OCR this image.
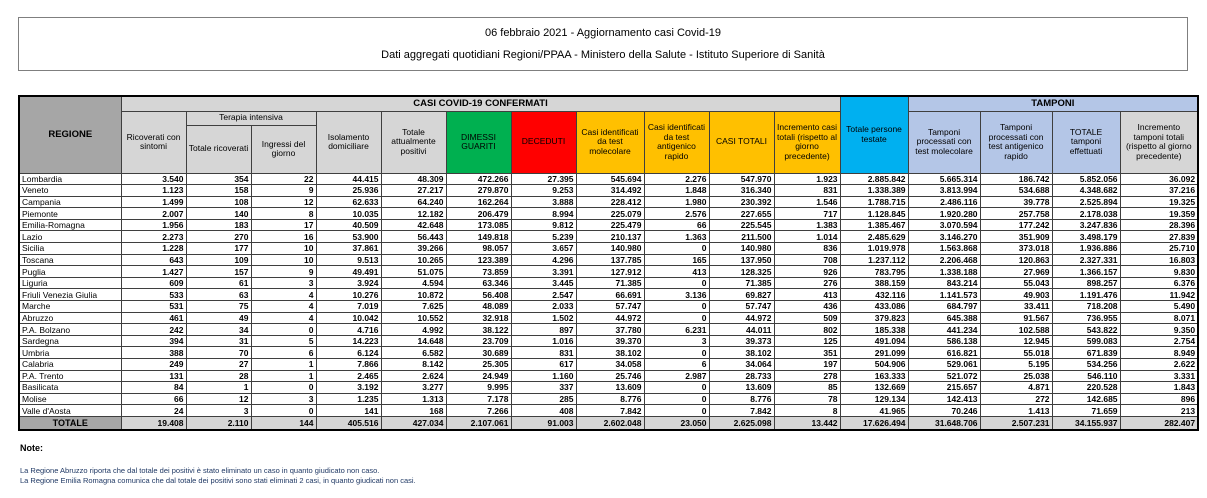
06 febbraio 2021 - Aggiornamento casi Covid-19
Dati aggregati quotidiani Regioni/PPAA - Ministero della Salute - Istituto Superiore di Sanità
REGIONE	CASI COVID-19 CONFERMATI											Totale persone testate	TAMPONI			
	Ricoverati con sintomi	Terapia intensiva		Isolamento domiciliare	Totale attualmente positivi	DIMESSI GUARITI	DECEDUTI	Casi identificati da test molecolare	Casi identificati da test antigenico rapido	CASI TOTALI	Incremento casi totali (rispetto al giorno precedente)		Tamponi processati con test molecolare	Tamponi processati con test antigenico rapido	TOTALE tamponi effettuati	Incremento tamponi totali (rispetto al giorno precedente)
		Totale ricoverati	Ingressi del giorno													
Lombardia	3.540	354	22	44.415	48.309	472.266	27.395	545.694	2.276	547.970	1.923	2.885.842	5.665.314	186.742	5.852.056	36.092
Veneto	1.123	158	9	25.936	27.217	279.870	9.253	314.492	1.848	316.340	831	1.338.389	3.813.994	534.688	4.348.682	37.216
Campania	1.499	108	12	62.633	64.240	162.264	3.888	228.412	1.980	230.392	1.546	1.788.715	2.486.116	39.778	2.525.894	19.325
Piemonte	2.007	140	8	10.035	12.182	206.479	8.994	225.079	2.576	227.655	717	1.128.845	1.920.280	257.758	2.178.038	19.359
Emilia-Romagna	1.956	183	17	40.509	42.648	173.085	9.812	225.479	66	225.545	1.383	1.385.467	3.070.594	177.242	3.247.836	28.396
Lazio	2.273	270	16	53.900	56.443	149.818	5.239	210.137	1.363	211.500	1.014	2.485.629	3.146.270	351.909	3.498.179	27.839
Sicilia	1.228	177	10	37.861	39.266	98.057	3.657	140.980	0	140.980	836	1.019.978	1.563.868	373.018	1.936.886	25.710
Toscana	643	109	10	9.513	10.265	123.389	4.296	137.785	165	137.950	708	1.237.112	2.206.468	120.863	2.327.331	16.803
Puglia	1.427	157	9	49.491	51.075	73.859	3.391	127.912	413	128.325	926	783.795	1.338.188	27.969	1.366.157	9.830
Liguria	609	61	3	3.924	4.594	63.346	3.445	71.385	0	71.385	276	388.159	843.214	55.043	898.257	6.376
Friuli Venezia Giulia	533	63	4	10.276	10.872	56.408	2.547	66.691	3.136	69.827	413	432.116	1.141.573	49.903	1.191.476	11.942
Marche	531	75	4	7.019	7.625	48.089	2.033	57.747	0	57.747	436	433.086	684.797	33.411	718.208	5.490
Abruzzo	461	49	4	10.042	10.552	32.918	1.502	44.972	0	44.972	509	379.823	645.388	91.567	736.955	8.071
P.A. Bolzano	242	34	0	4.716	4.992	38.122	897	37.780	6.231	44.011	802	185.338	441.234	102.588	543.822	9.350
Sardegna	394	31	5	14.223	14.648	23.709	1.016	39.370	3	39.373	125	491.094	586.138	12.945	599.083	2.754
Umbria	388	70	6	6.124	6.582	30.689	831	38.102	0	38.102	351	291.099	616.821	55.018	671.839	8.949
Calabria	249	27	1	7.866	8.142	25.305	617	34.058	6	34.064	197	504.906	529.061	5.195	534.256	2.622
P.A. Trento	131	28	1	2.465	2.624	24.949	1.160	25.746	2.987	28.733	278	163.333	521.072	25.038	546.110	3.331
Basilicata	84	1	0	3.192	3.277	9.995	337	13.609	0	13.609	85	132.669	215.657	4.871	220.528	1.843
Molise	66	12	3	1.235	1.313	7.178	285	8.776	0	8.776	78	129.134	142.413	272	142.685	896
Valle d'Aosta	24	3	0	141	168	7.266	408	7.842	0	7.842	8	41.965	70.246	1.413	71.659	213
TOTALE	19.408	2.110	144	405.516	427.034	2.107.061	91.003	2.602.048	23.050	2.625.098	13.442	17.626.494	31.648.706	2.507.231	34.155.937	282.407
Note:
La Regione Abruzzo riporta che dal totale dei positivi è stato eliminato un caso in quanto giudicato non caso.
La Regione Emilia Romagna comunica che dal totale dei positivi sono stati eliminati 2 casi, in quanto giudicati non casi.
